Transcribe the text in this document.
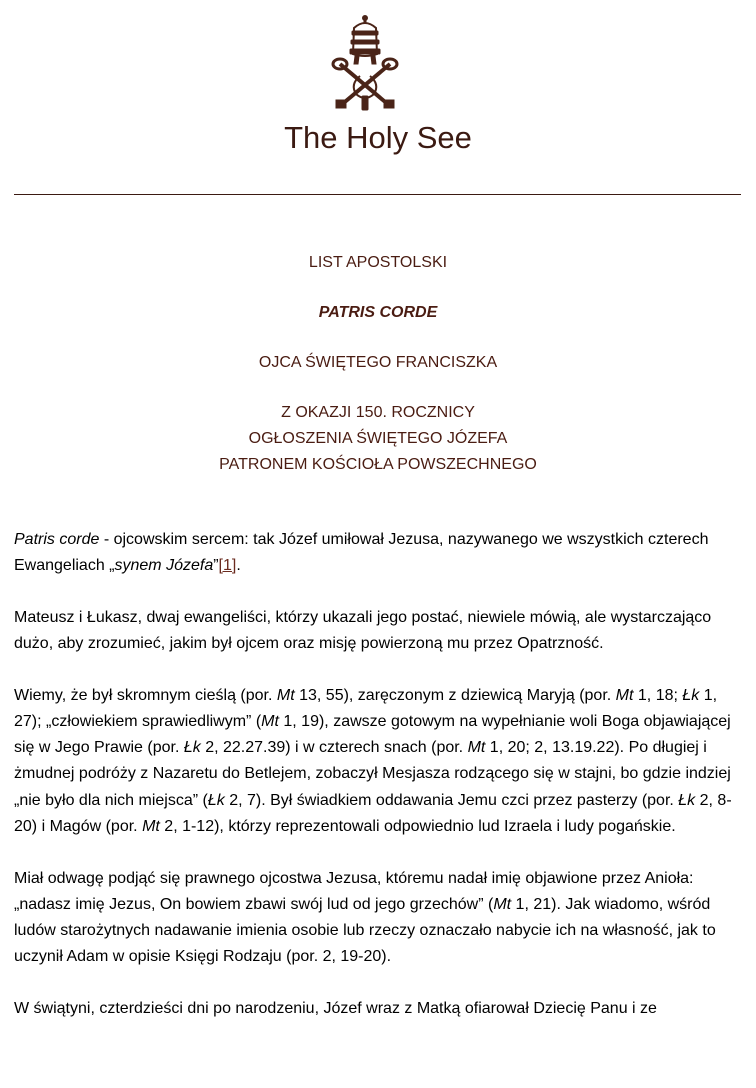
The Holy See
LIST APOSTOLSKI
PATRIS CORDE
OJCA ŚWIĘTEGO FRANCISZKA
Z OKAZJI 150. ROCZNICY
OGŁOSZENIA ŚWIĘTEGO JÓZEFA
PATRONEM KOŚCIOŁA POWSZECHNEGO

Patris corde - ojcowskim sercem: tak Józef umiłował Jezusa, nazywanego we wszystkich czterech Ewangeliach „synem Józefa”[1].

Mateusz i Łukasz, dwaj ewangeliści, którzy ukazali jego postać, niewiele mówią, ale wystarczająco dużo, aby zrozumieć, jakim był ojcem oraz misję powierzoną mu przez Opatrzność.

Wiemy, że był skromnym cieślą (por. Mt 13, 55), zaręczonym z dziewicą Maryją (por. Mt 1, 18; Łk 1, 27); „człowiekiem sprawiedliwym” (Mt 1, 19), zawsze gotowym na wypełnianie woli Boga objawiającej się w Jego Prawie (por. Łk 2, 22.27.39) i w czterech snach (por. Mt 1, 20; 2, 13.19.22). Po długiej i żmudnej podróży z Nazaretu do Betlejem, zobaczył Mesjasza rodzącego się w stajni, bo gdzie indziej „nie było dla nich miejsca” (Łk 2, 7). Był świadkiem oddawania Jemu czci przez pasterzy (por. Łk 2, 8-20) i Magów (por. Mt 2, 1-12), którzy reprezentowali odpowiednio lud Izraela i ludy pogańskie.

Miał odwagę podjąć się prawnego ojcostwa Jezusa, któremu nadał imię objawione przez Anioła: „nadasz imię Jezus, On bowiem zbawi swój lud od jego grzechów” (Mt 1, 21). Jak wiadomo, wśród ludów starożytnych nadawanie imienia osobie lub rzeczy oznaczało nabycie ich na własność, jak to uczynił Adam w opisie Księgi Rodzaju (por. 2, 19-20).

W świątyni, czterdzieści dni po narodzeniu, Józef wraz z Matką ofiarował Dziecię Panu i ze
